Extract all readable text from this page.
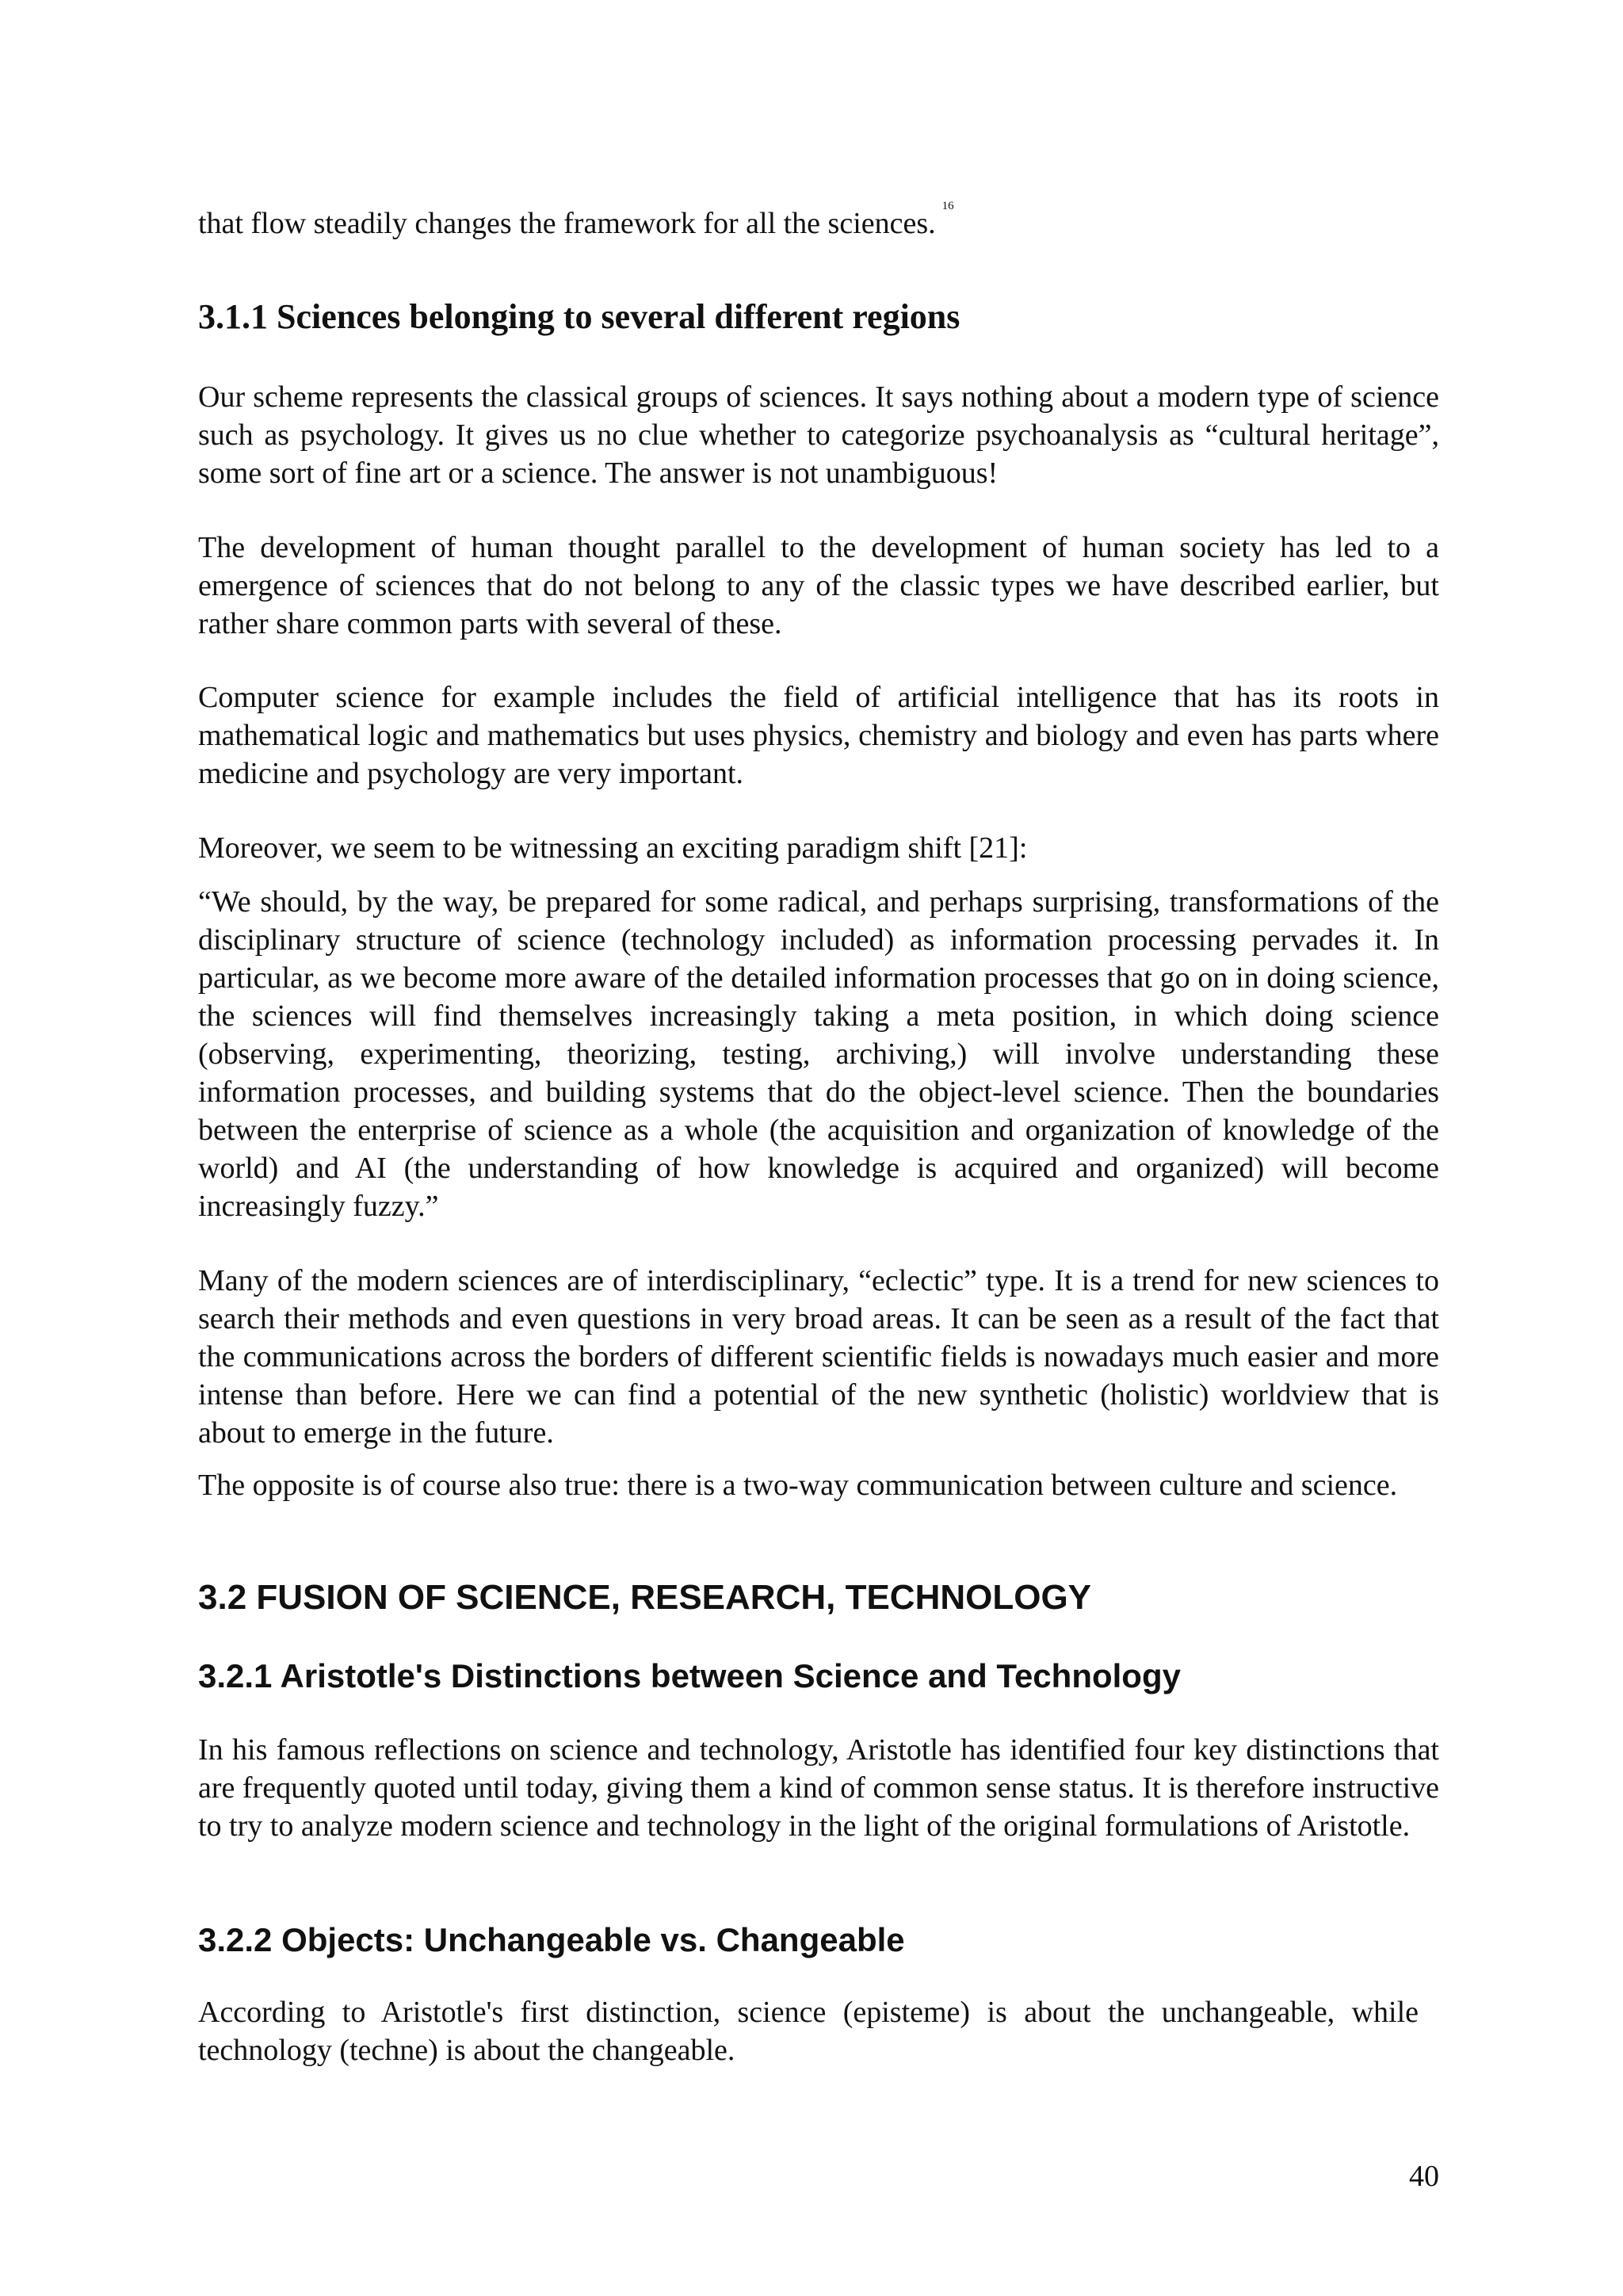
that flow steadily changes the framework for all the sciences.$^{16}$

3.1.1 Sciences belonging to several different regions

Our scheme represents the classical groups of sciences. It says nothing about a modern type of science such as psychology. It gives us no clue whether to categorize psychoanalysis as “cultural heritage”, some sort of fine art or a science. The answer is not unambiguous!

The development of human thought parallel to the development of human society has led to a emergence of sciences that do not belong to any of the classic types we have described earlier, but rather share common parts with several of these.

Computer science for example includes the field of artificial intelligence that has its roots in mathematical logic and mathematics but uses physics, chemistry and biology and even has parts where medicine and psychology are very important.

Moreover, we seem to be witnessing an exciting paradigm shift [21]:

“We should, by the way, be prepared for some radical, and perhaps surprising, transformations of the disciplinary structure of science (technology included) as information processing pervades it. In particular, as we become more aware of the detailed information processes that go on in doing science, the sciences will find themselves increasingly taking a meta position, in which doing science (observing, experimenting, theorizing, testing, archiving,) will involve understanding these information processes, and building systems that do the object-level science. Then the boundaries between the enterprise of science as a whole (the acquisition and organization of knowledge of the world) and AI (the understanding of how knowledge is acquired and organized) will become increasingly fuzzy.”

Many of the modern sciences are of interdisciplinary, “eclectic” type. It is a trend for new sciences to search their methods and even questions in very broad areas. It can be seen as a result of the fact that the communications across the borders of different scientific fields is nowadays much easier and more intense than before. Here we can find a potential of the new synthetic (holistic) worldview that is about to emerge in the future.

The opposite is of course also true: there is a two-way communication between culture and science.

3.2 FUSION OF SCIENCE, RESEARCH, TECHNOLOGY
3.2.1 Aristotle's Distinctions between Science and Technology

In his famous reflections on science and technology, Aristotle has identified four key distinctions that are frequently quoted until today, giving them a kind of common sense status. It is therefore instructive to try to analyze modern science and technology in the light of the original formulations of Aristotle.

3.2.2 Objects: Unchangeable vs. Changeable

According to Aristotle's first distinction, science (episteme) is about the unchangeable, while technology (techne) is about the changeable.

40
